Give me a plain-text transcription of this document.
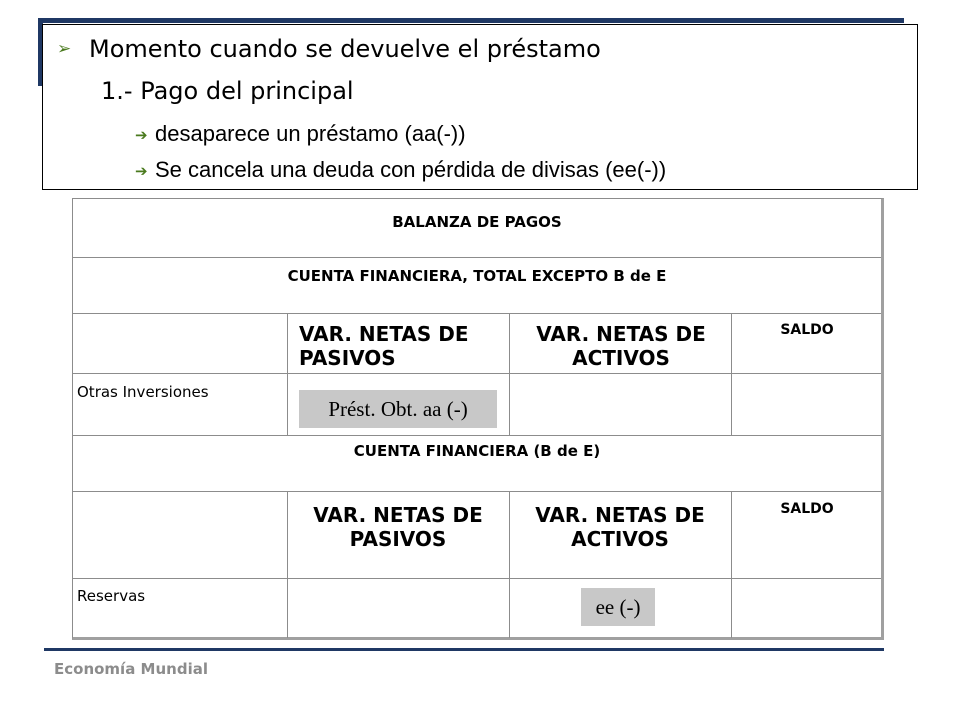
➢ Momento cuando se devuelve el préstamo
1.- Pago del principal
➔ desaparece un préstamo (aa(-))
➔ Se cancela una deuda con pérdida de divisas (ee(-))
BALANZA DE PAGOS
CUENTA FINANCIERA, TOTAL EXCEPTO B de E
VAR. NETAS DE PASIVOS
VAR. NETAS DE ACTIVOS
SALDO
Otras Inversiones
Prést. Obt. aa (-)
CUENTA FINANCIERA (B de E)
VAR. NETAS DE PASIVOS
VAR. NETAS DE ACTIVOS
SALDO
Reservas	ee (-)
Economía Mundial
